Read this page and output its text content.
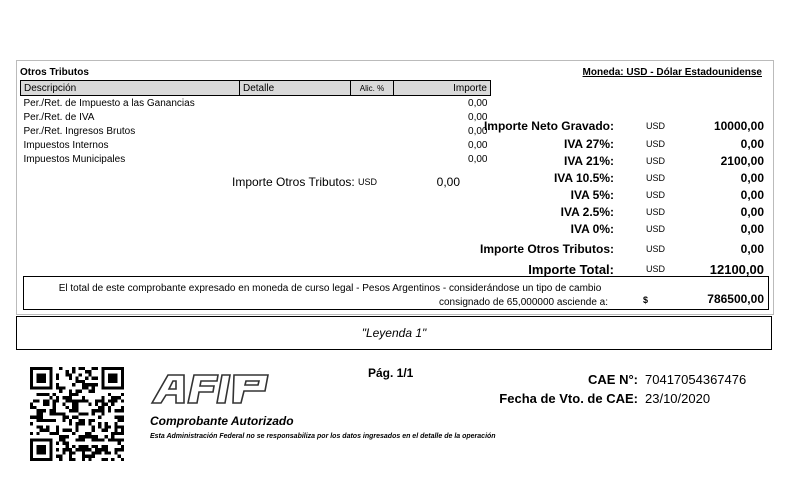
Otros Tributos
Descripción	Detalle	Alic. %	Importe
Per./Ret. de Impuesto a las Ganancias			0,00
Per./Ret. de IVA			0,00
Per./Ret. Ingresos Brutos			0,00
Impuestos Internos			0,00
Impuestos Municipales			0,00
Importe Otros Tributos: USD	0,00
Moneda: USD - Dólar Estadounidense
Importe Neto Gravado:	USD	10000,00
IVA 27%:	USD	0,00
IVA 21%:	USD	2100,00
IVA 10.5%:	USD	0,00
IVA 5%:	USD	0,00
IVA 2.5%:	USD	0,00
IVA 0%:	USD	0,00
Importe Otros Tributos:	USD	0,00
Importe Total:	USD	12100,00
El total de este comprobante expresado en moneda de curso legal - Pesos Argentinos - considerándose un tipo de cambio
consignado de 65,000000 asciende a:	$	786500,00
"Leyenda 1"
Comprobante Autorizado
Esta Administración Federal no se responsabiliza por los datos ingresados en el detalle de la operación
Pág. 1/1	CAE N°: 70417054367476
Fecha de Vto. de CAE: 23/10/2020
